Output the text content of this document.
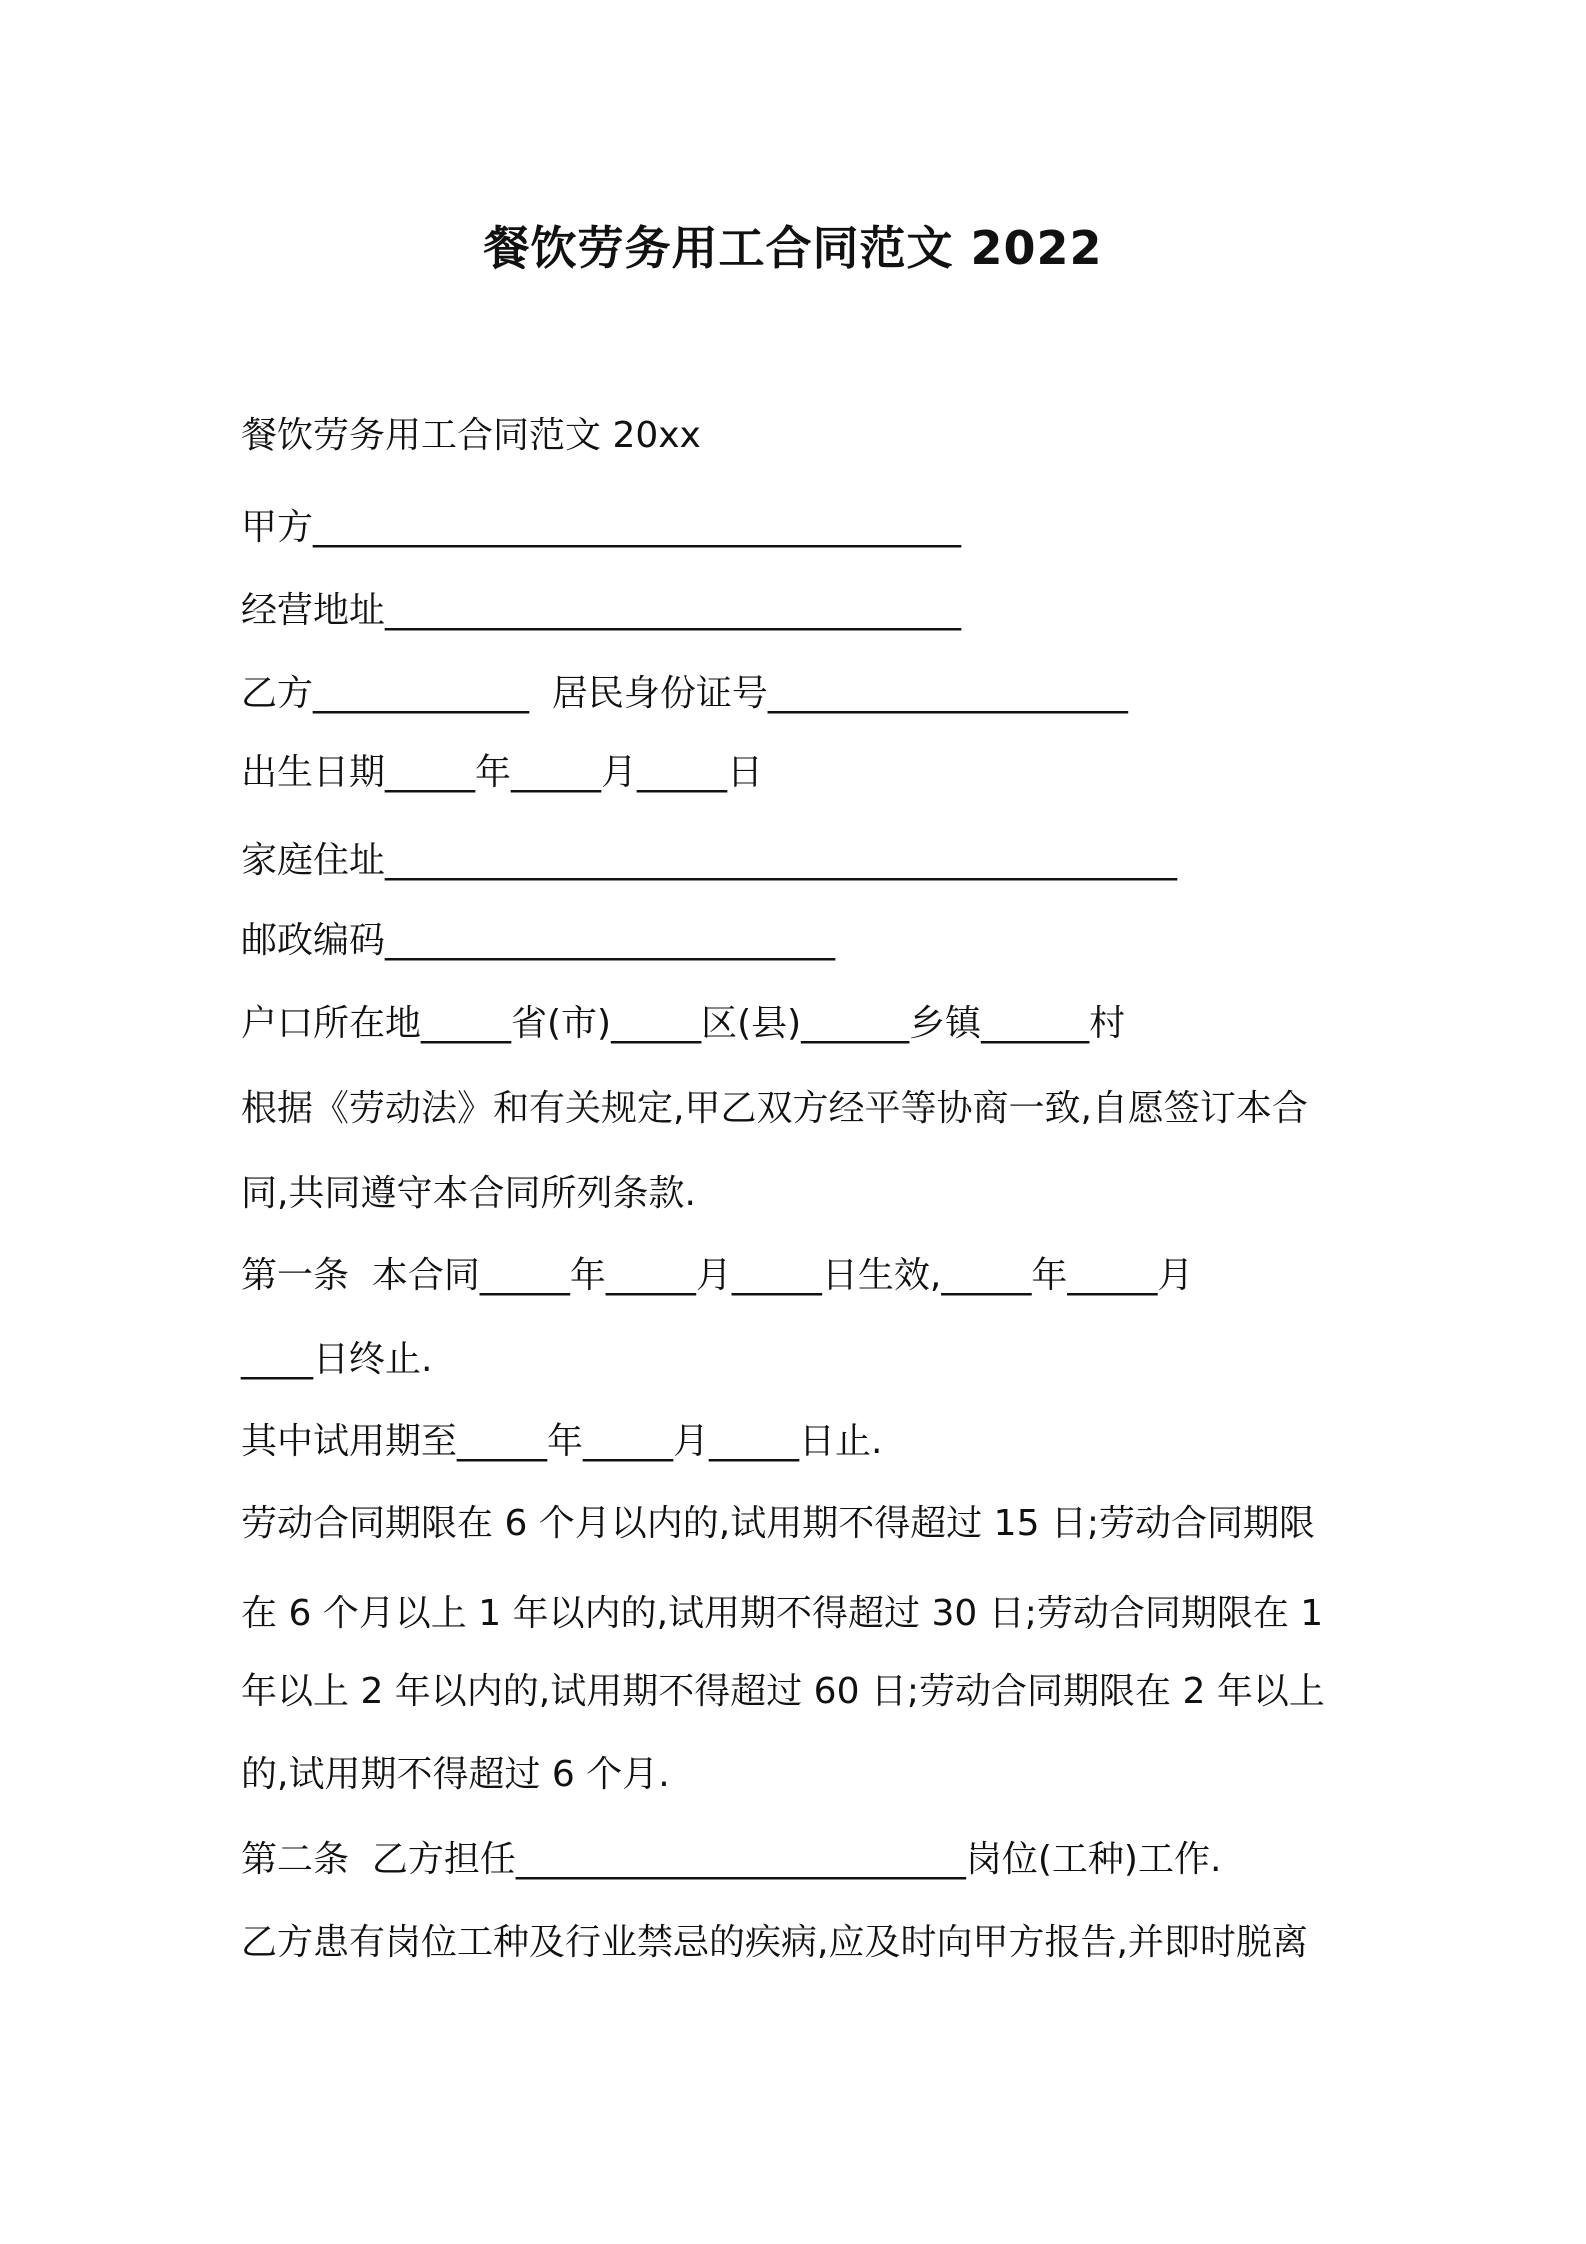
餐饮劳务用工合同范文 2022
餐饮劳务用工合同范文 20xx
甲方____________________________________
经营地址________________________________
乙方____________  居民身份证号____________________
出生日期_____年_____月_____日
家庭住址____________________________________________
邮政编码_________________________
户口所在地_____省(市)_____区(县)______乡镇______村
根据《劳动法》和有关规定,甲乙双方经平等协商一致,自愿签订本合
同,共同遵守本合同所列条款.
第一条  本合同_____年_____月_____日生效,_____年_____月
____日终止.
其中试用期至_____年_____月_____日止.
劳动合同期限在 6 个月以内的,试用期不得超过 15 日;劳动合同期限
在 6 个月以上 1 年以内的,试用期不得超过 30 日;劳动合同期限在 1
年以上 2 年以内的,试用期不得超过 60 日;劳动合同期限在 2 年以上
的,试用期不得超过 6 个月.
第二条  乙方担任_________________________岗位(工种)工作.
乙方患有岗位工种及行业禁忌的疾病,应及时向甲方报告,并即时脱离
